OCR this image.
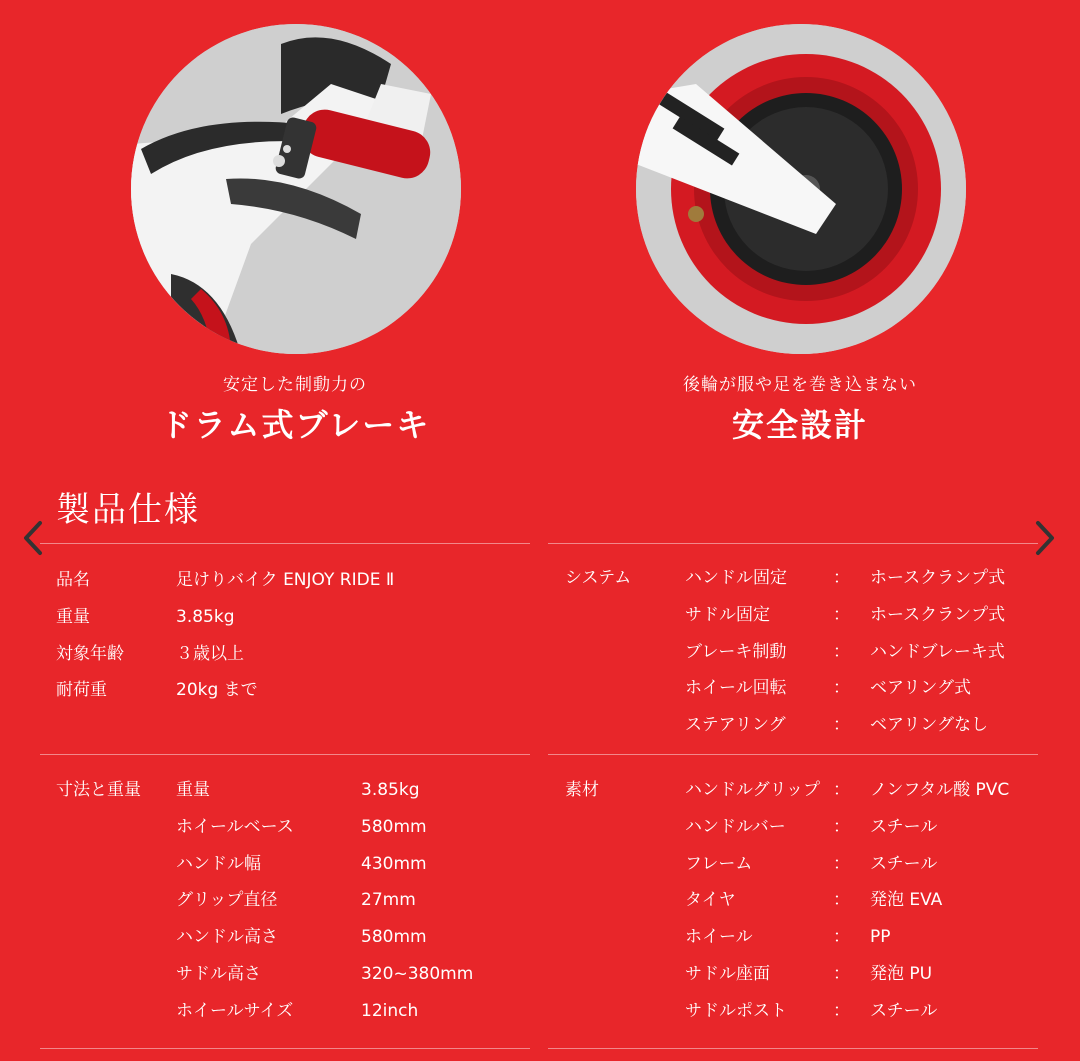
安定した制動力の
ドラム式ブレーキ
後輪が服や足を巻き込まない
安全設計
製品仕様
品名	足けりバイク ENJOY RIDE Ⅱ
重量	3.85kg
対象年齢	３歳以上
耐荷重	20kg まで
寸法と重量 重量	3.85kg
ホイールベース	580mm
ハンドル幅	430mm
グリップ直径	27mm
ハンドル高さ	580mm
サドル高さ	320~380mm
ホイールサイズ	12inch
システム	ハンドル固定	： ホースクランプ式
サドル固定	： ホースクランプ式
ブレーキ制動	： ハンドブレーキ式
ホイール回転	： ベアリング式
ステアリング	： ベアリングなし
素材	ハンドルグリップ ： ノンフタル酸 PVC
ハンドルバー	： スチール
フレーム	： スチール
タイヤ	： 発泡 EVA
ホイール	： PP
サドル座面	： 発泡 PU
サドルポスト	： スチール
